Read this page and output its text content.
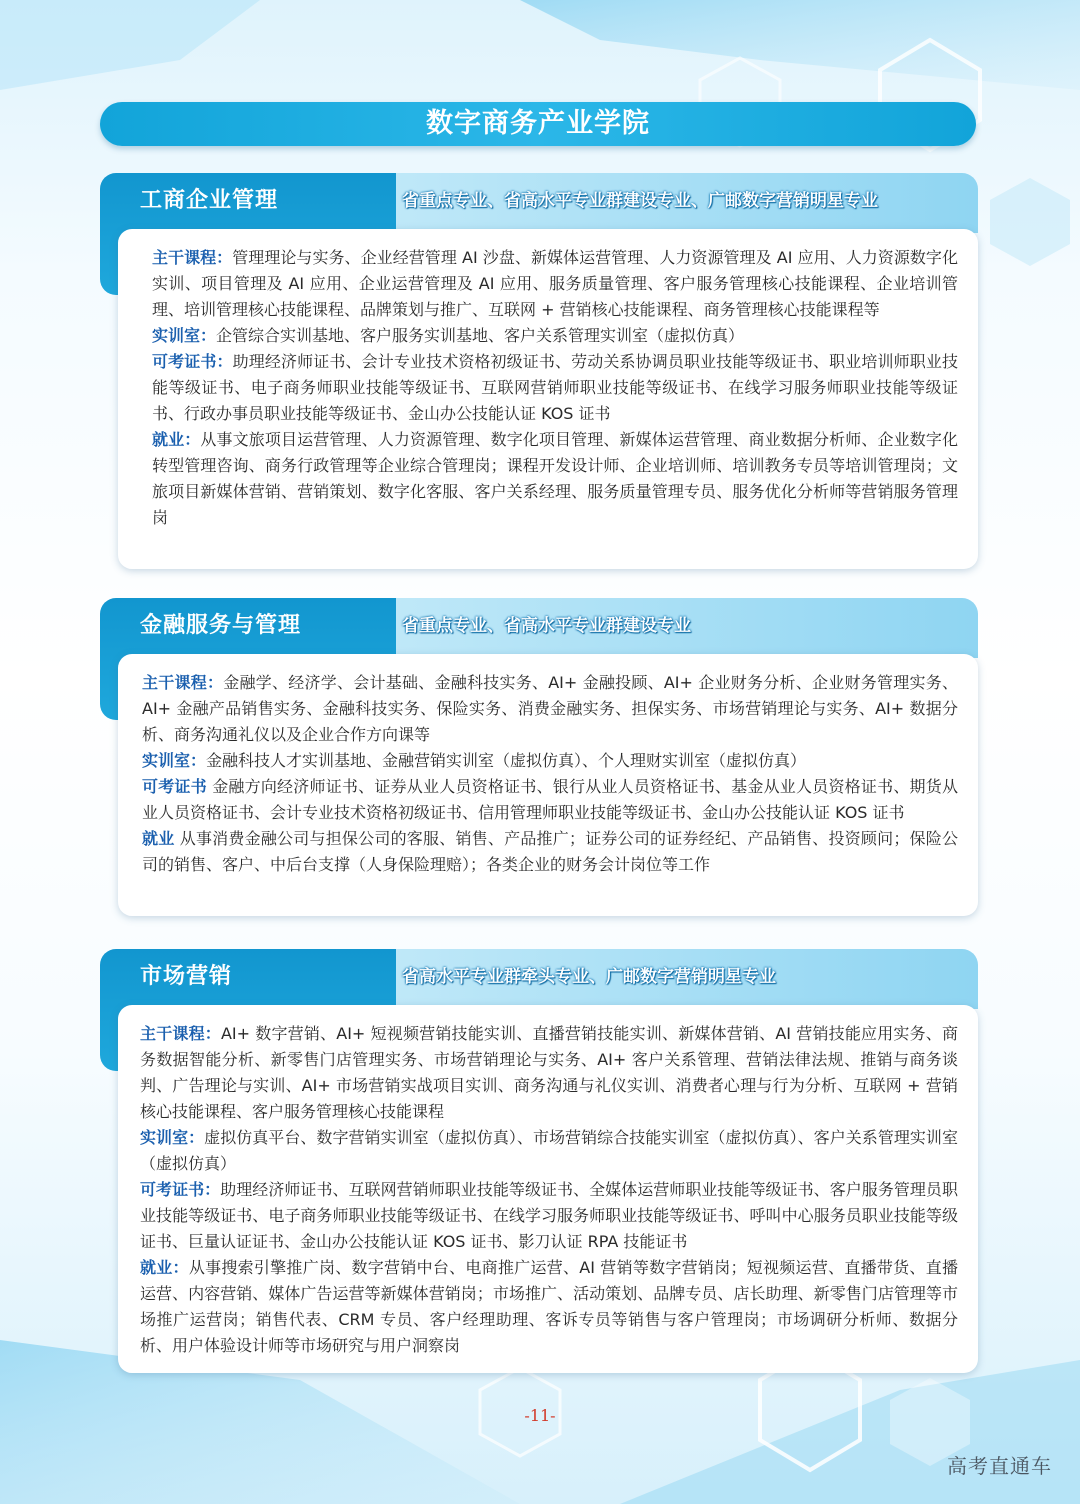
数字商务产业学院
工商企业管理	省重点专业、省高水平专业群建设专业、广邮数字营销明星专业

主干课程：管理理论与实务、企业经营管理 AI 沙盘、新媒体运营管理、人力资源管理及 AI 应用、人力资源数字化实训、项目管理及 AI 应用、企业运营管理及 AI 应用、服务质量管理、客户服务管理核心技能课程、企业培训管理、培训管理核心技能课程、品牌策划与推广、互联网 + 营销核心技能课程、商务管理核心技能课程等

实训室：企管综合实训基地、客户服务实训基地、客户关系管理实训室（虚拟仿真）

可考证书：助理经济师证书、会计专业技术资格初级证书、劳动关系协调员职业技能等级证书、职业培训师职业技能等级证书、电子商务师职业技能等级证书、互联网营销师职业技能等级证书、在线学习服务师职业技能等级证书、行政办事员职业技能等级证书、金山办公技能认证 KOS 证书

就业：从事文旅项目运营管理、人力资源管理、数字化项目管理、新媒体运营管理、商业数据分析师、企业数字化转型管理咨询、商务行政管理等企业综合管理岗；课程开发设计师、企业培训师、培训教务专员等培训管理岗；文旅项目新媒体营销、营销策划、数字化客服、客户关系经理、服务质量管理专员、服务优化分析师等营销服务管理岗

金融服务与管理	省重点专业、省高水平专业群建设专业

主干课程：金融学、经济学、会计基础、金融科技实务、AI+ 金融投顾、AI+ 企业财务分析、企业财务管理实务、AI+ 金融产品销售实务、金融科技实务、保险实务、消费金融实务、担保实务、市场营销理论与实务、AI+ 数据分析、商务沟通礼仪以及企业合作方向课等

实训室：金融科技人才实训基地、金融营销实训室（虚拟仿真）、个人理财实训室（虚拟仿真）

可考证书 金融方向经济师证书、证券从业人员资格证书、银行从业人员资格证书、基金从业人员资格证书、期货从业人员资格证书、会计专业技术资格初级证书、信用管理师职业技能等级证书、金山办公技能认证 KOS 证书

就业 从事消费金融公司与担保公司的客服、销售、产品推广；证券公司的证券经纪、产品销售、投资顾问；保险公司的销售、客户、中后台支撑（人身保险理赔）；各类企业的财务会计岗位等工作

市场营销	省高水平专业群牵头专业、广邮数字营销明星专业

主干课程：AI+ 数字营销、AI+ 短视频营销技能实训、直播营销技能实训、新媒体营销、AI 营销技能应用实务、商务数据智能分析、新零售门店管理实务、市场营销理论与实务、AI+ 客户关系管理、营销法律法规、推销与商务谈判、广告理论与实训、AI+ 市场营销实战项目实训、商务沟通与礼仪实训、消费者心理与行为分析、互联网 + 营销核心技能课程、客户服务管理核心技能课程

实训室：虚拟仿真平台、数字营销实训室（虚拟仿真）、市场营销综合技能实训室（虚拟仿真）、客户关系管理实训室（虚拟仿真）

可考证书：助理经济师证书、互联网营销师职业技能等级证书、全媒体运营师职业技能等级证书、客户服务管理员职业技能等级证书、电子商务师职业技能等级证书、在线学习服务师职业技能等级证书、呼叫中心服务员职业技能等级证书、巨量认证证书、金山办公技能认证 KOS 证书、影刀认证 RPA 技能证书

就业：从事搜索引擎推广岗、数字营销中台、电商推广运营、AI 营销等数字营销岗；短视频运营、直播带货、直播运营、内容营销、媒体广告运营等新媒体营销岗；市场推广、活动策划、品牌专员、店长助理、新零售门店管理等市场推广运营岗；销售代表、CRM 专员、客户经理助理、客诉专员等销售与客户管理岗；市场调研分析师、数据分析、用户体验设计师等市场研究与用户洞察岗

-11-
高考直通车
